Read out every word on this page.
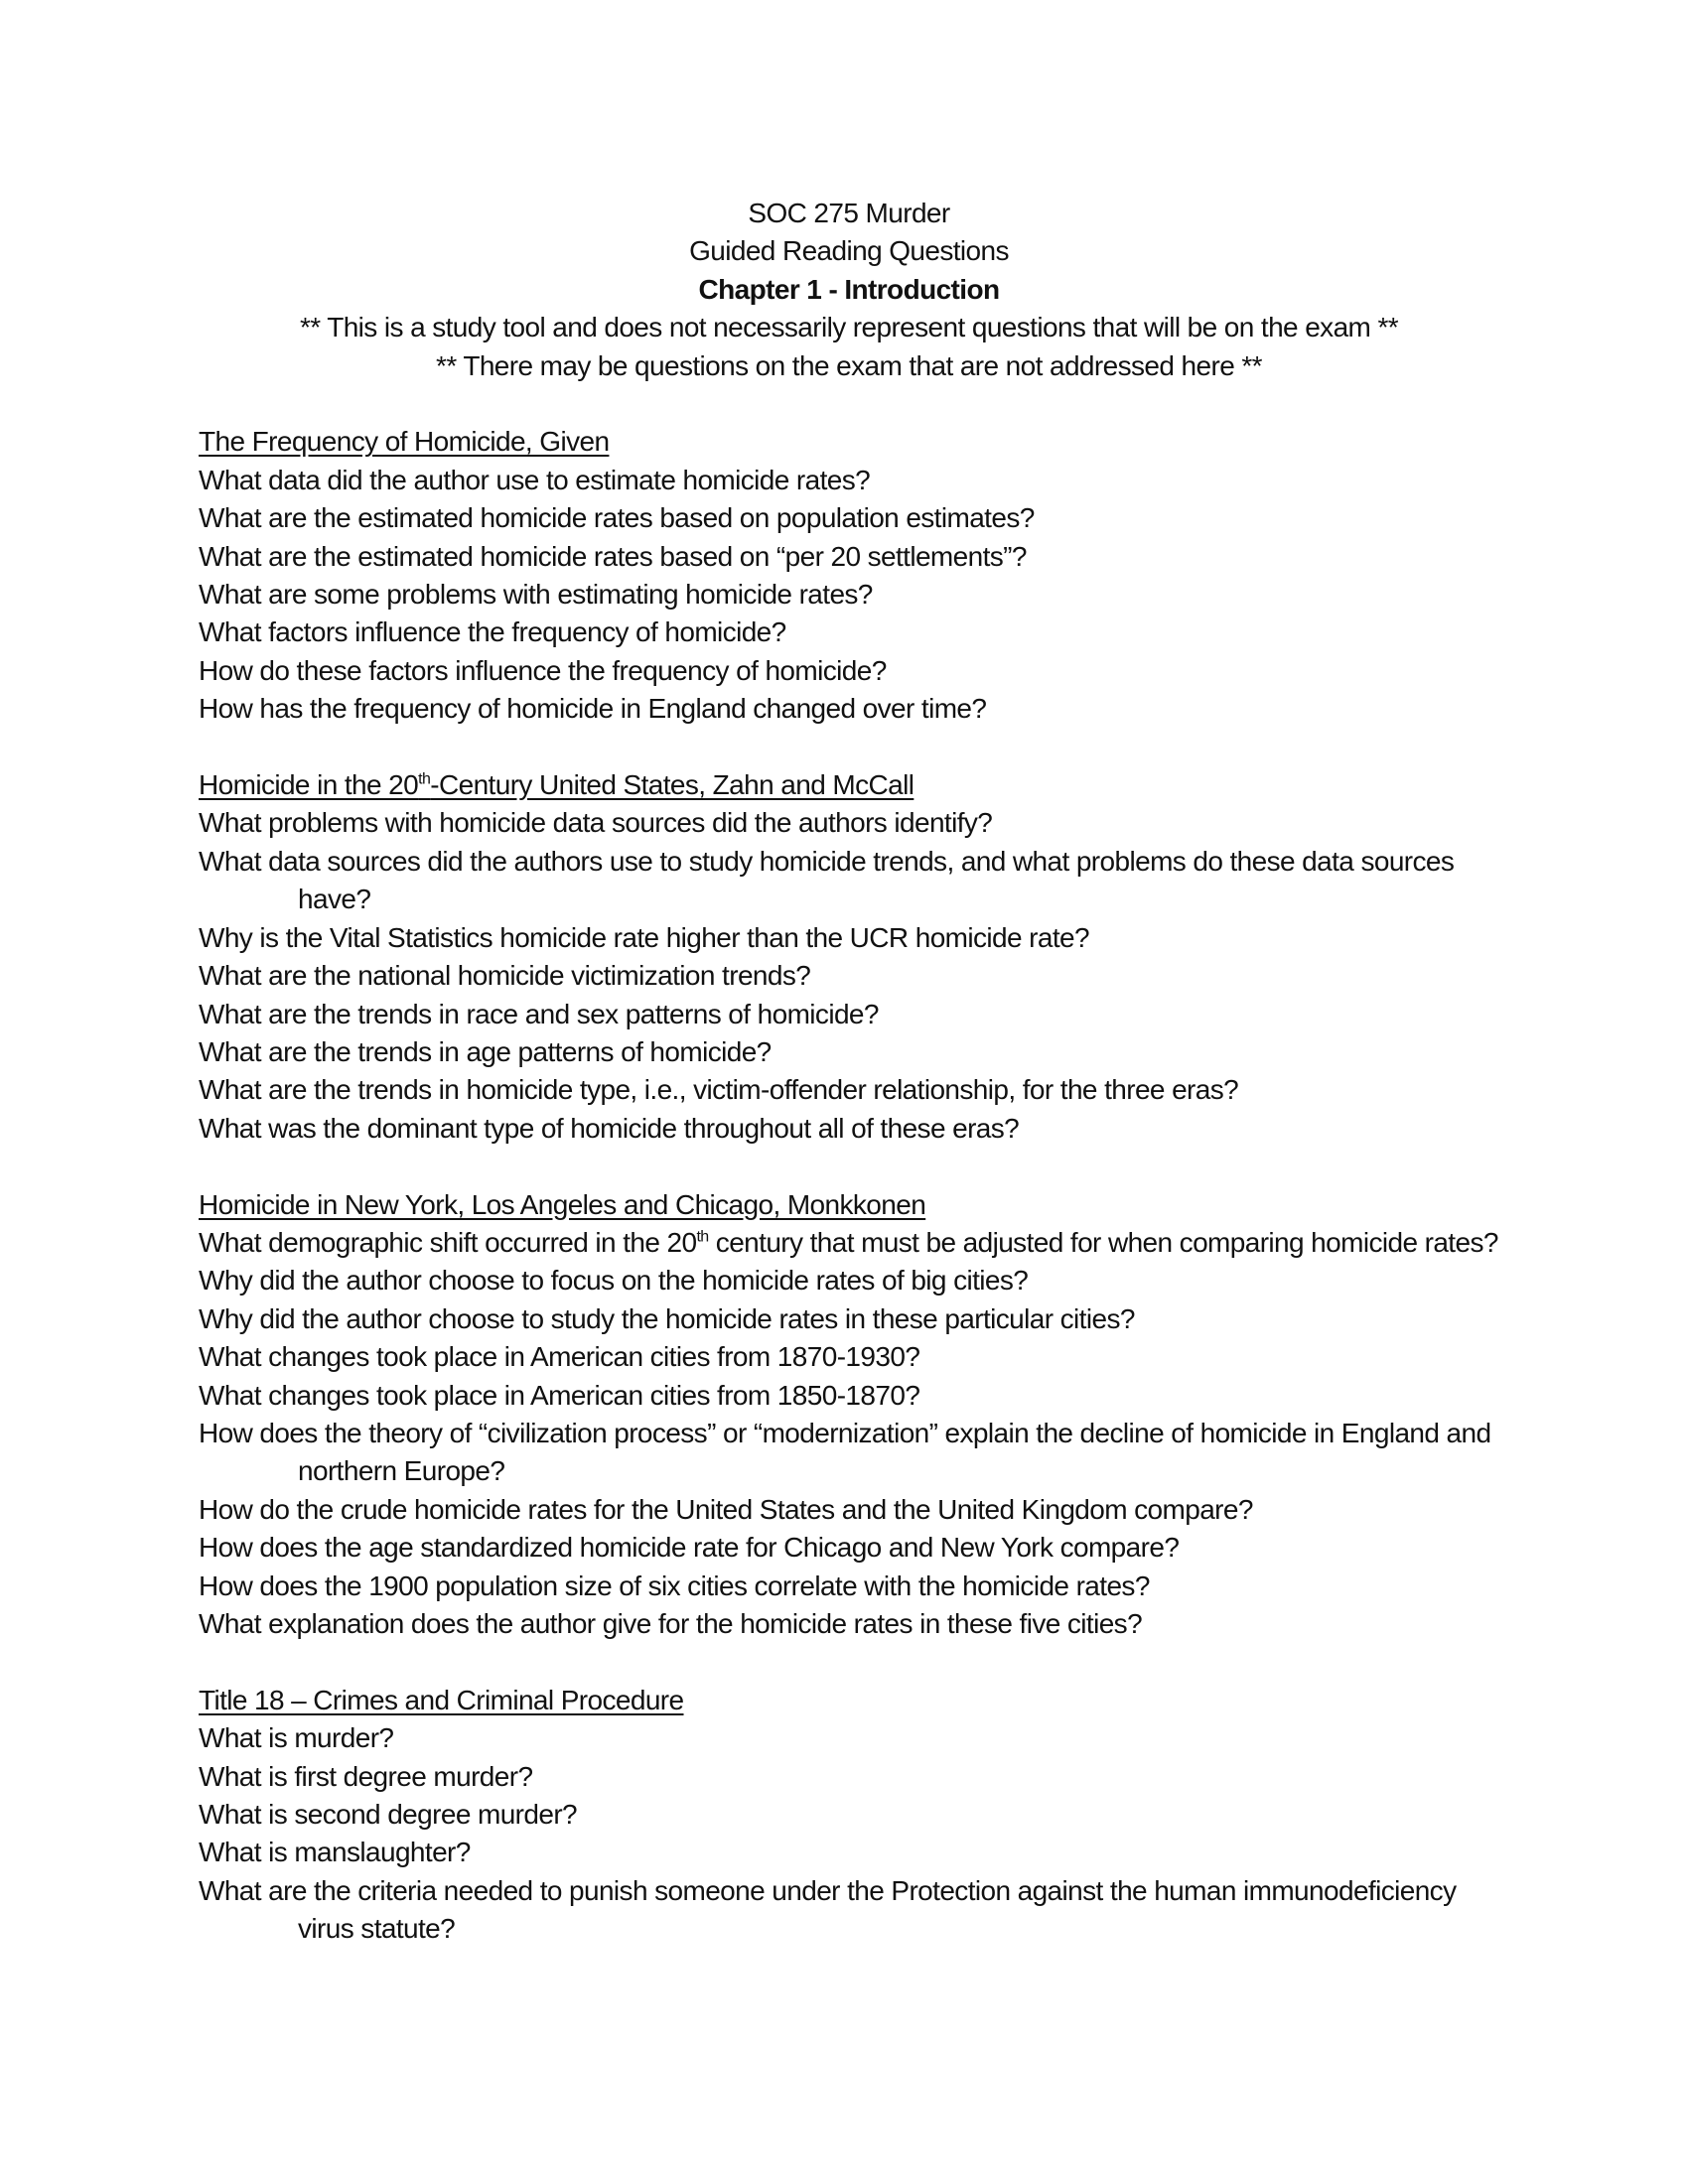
SOC 275 Murder
Guided Reading Questions
Chapter 1 - Introduction
** This is a study tool and does not necessarily represent questions that will be on the exam **
** There may be questions on the exam that are not addressed here **
The Frequency of Homicide, Given
What data did the author use to estimate homicide rates?
What are the estimated homicide rates based on population estimates?
What are the estimated homicide rates based on “per 20 settlements”?
What are some problems with estimating homicide rates?
What factors influence the frequency of homicide?
How do these factors influence the frequency of homicide?
How has the frequency of homicide in England changed over time?
Homicide in the 20th-Century United States, Zahn and McCall
What problems with homicide data sources did the authors identify?
What data sources did the authors use to study homicide trends, and what problems do these data sources have?
Why is the Vital Statistics homicide rate higher than the UCR homicide rate?
What are the national homicide victimization trends?
What are the trends in race and sex patterns of homicide?
What are the trends in age patterns of homicide?
What are the trends in homicide type, i.e., victim-offender relationship, for the three eras?
What was the dominant type of homicide throughout all of these eras?
Homicide in New York, Los Angeles and Chicago, Monkkonen
What demographic shift occurred in the 20th century that must be adjusted for when comparing homicide rates?
Why did the author choose to focus on the homicide rates of big cities?
Why did the author choose to study the homicide rates in these particular cities?
What changes took place in American cities from 1870-1930?
What changes took place in American cities from 1850-1870?
How does the theory of “civilization process” or “modernization” explain the decline of homicide in England and northern Europe?
How do the crude homicide rates for the United States and the United Kingdom compare?
How does the age standardized homicide rate for Chicago and New York compare?
How does the 1900 population size of six cities correlate with the homicide rates?
What explanation does the author give for the homicide rates in these five cities?
Title 18 – Crimes and Criminal Procedure
What is murder?
What is first degree murder?
What is second degree murder?
What is manslaughter?
What are the criteria needed to punish someone under the Protection against the human immunodeficiency virus statute?
